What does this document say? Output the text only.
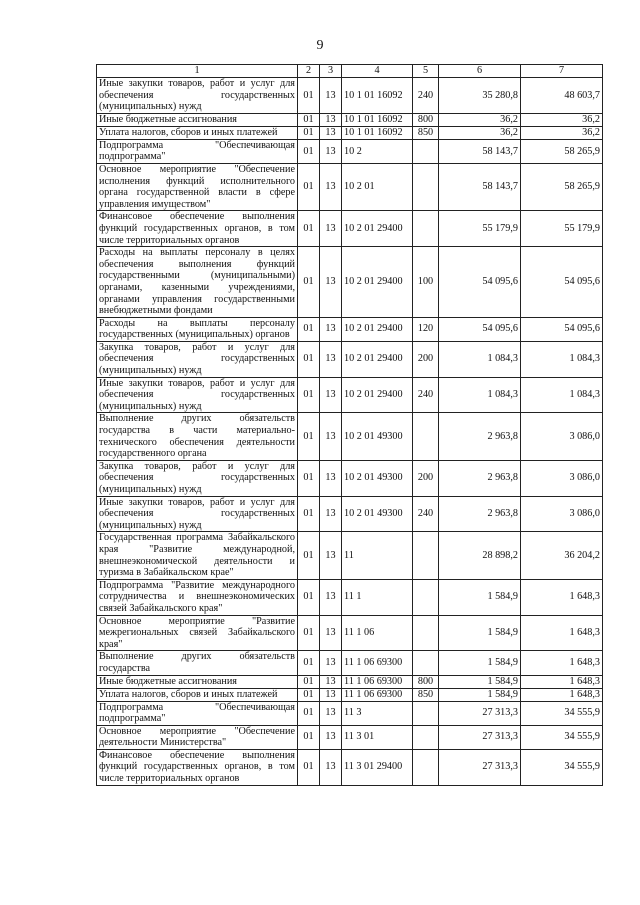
9
1	2	3	4	5	6	7
Иные закупки товаров, работ и услуг для обеспечения государственных (муниципальных) нужд	01	13	10 1 01 16092	240	35 280,8	48 603,7
Иные бюджетные ассигнования	01	13	10 1 01 16092	800	36,2	36,2
Уплата налогов, сборов и иных платежей	01	13	10 1 01 16092	850	36,2	36,2
Подпрограмма "Обеспечивающая подпрограмма"	01	13	10 2		58 143,7	58 265,9
Основное мероприятие "Обеспечение исполнения функций исполнительного органа государственной власти в сфере управления имуществом"	01	13	10 2 01		58 143,7	58 265,9
Финансовое обеспечение выполнения функций государственных органов, в том числе территориальных органов	01	13	10 2 01 29400		55 179,9	55 179,9
Расходы на выплаты персоналу в целях обеспечения выполнения функций государственными (муниципальными) органами, казенными учреждениями, органами управления государственными внебюджетными фондами	01	13	10 2 01 29400	100	54 095,6	54 095,6
Расходы на выплаты персоналу государственных (муниципальных) органов	01	13	10 2 01 29400	120	54 095,6	54 095,6
Закупка товаров, работ и услуг для обеспечения государственных (муниципальных) нужд	01	13	10 2 01 29400	200	1 084,3	1 084,3
Иные закупки товаров, работ и услуг для обеспечения государственных (муниципальных) нужд	01	13	10 2 01 29400	240	1 084,3	1 084,3
Выполнение других обязательств государства в части материально-технического обеспечения деятельности государственного органа	01	13	10 2 01 49300		2 963,8	3 086,0
Закупка товаров, работ и услуг для обеспечения государственных (муниципальных) нужд	01	13	10 2 01 49300	200	2 963,8	3 086,0
Иные закупки товаров, работ и услуг для обеспечения государственных (муниципальных) нужд	01	13	10 2 01 49300	240	2 963,8	3 086,0
Государственная программа Забайкальского края "Развитие международной, внешнеэкономической деятельности и туризма в Забайкальском крае"	01	13	11		28 898,2	36 204,2
Подпрограмма "Развитие международного сотрудничества и внешнеэкономических связей Забайкальского края"	01	13	11 1		1 584,9	1 648,3
Основное мероприятие "Развитие межрегиональных связей Забайкальского края"	01	13	11 1 06		1 584,9	1 648,3
Выполнение других обязательств государства	01	13	11 1 06 69300		1 584,9	1 648,3
Иные бюджетные ассигнования	01	13	11 1 06 69300	800	1 584,9	1 648,3
Уплата налогов, сборов и иных платежей	01	13	11 1 06 69300	850	1 584,9	1 648,3
Подпрограмма "Обеспечивающая подпрограмма"	01	13	11 3		27 313,3	34 555,9
Основное мероприятие "Обеспечение деятельности Министерства"	01	13	11 3 01		27 313,3	34 555,9
Финансовое обеспечение выполнения функций государственных органов, в том числе территориальных органов	01	13	11 3 01 29400		27 313,3	34 555,9
